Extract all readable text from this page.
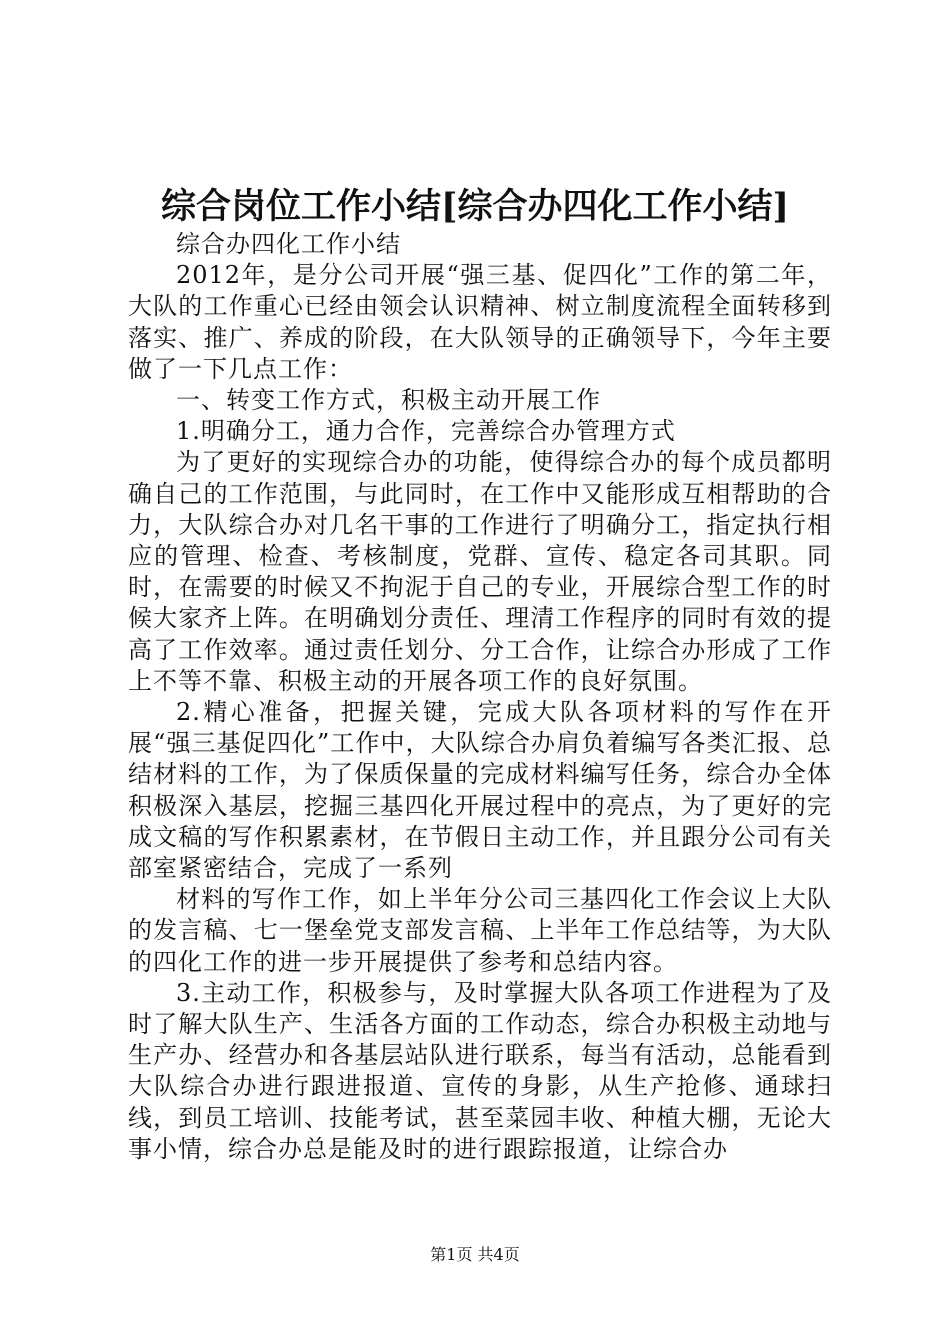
综合岗位工作小结[综合办四化工作小结]

综合办四化工作小结

2012年，是分公司开展“强三基、促四化”工作的第二年，大队的工作重心已经由领会认识精神、树立制度流程全面转移到落实、推广、养成的阶段，在大队领导的正确领导下，今年主要做了一下几点工作：

一、转变工作方式，积极主动开展工作

1.明确分工，通力合作，完善综合办管理方式

为了更好的实现综合办的功能，使得综合办的每个成员都明确自己的工作范围，与此同时，在工作中又能形成互相帮助的合力，大队综合办对几名干事的工作进行了明确分工，指定执行相应的管理、检查、考核制度，党群、宣传、稳定各司其职。同时，在需要的时候又不拘泥于自己的专业，开展综合型工作的时候大家齐上阵。在明确划分责任、理清工作程序的同时有效的提高了工作效率。通过责任划分、分工合作，让综合办形成了工作上不等不靠、积极主动的开展各项工作的良好氛围。

2.精心准备，把握关键，完成大队各项材料的写作在开展“强三基促四化”工作中，大队综合办肩负着编写各类汇报、总结材料的工作，为了保质保量的完成材料编写任务，综合办全体积极深入基层，挖掘三基四化开展过程中的亮点，为了更好的完成文稿的写作积累素材，在节假日主动工作，并且跟分公司有关部室紧密结合，完成了一系列

材料的写作工作，如上半年分公司三基四化工作会议上大队的发言稿、七一堡垒党支部发言稿、上半年工作总结等，为大队的四化工作的进一步开展提供了参考和总结内容。

3.主动工作，积极参与，及时掌握大队各项工作进程为了及时了解大队生产、生活各方面的工作动态，综合办积极主动地与生产办、经营办和各基层站队进行联系，每当有活动，总能看到大队综合办进行跟进报道、宣传的身影，从生产抢修、通球扫线，到员工培训、技能考试，甚至菜园丰收、种植大棚，无论大事小情，综合办总是能及时的进行跟踪报道，让综合办

第1页 共4页
